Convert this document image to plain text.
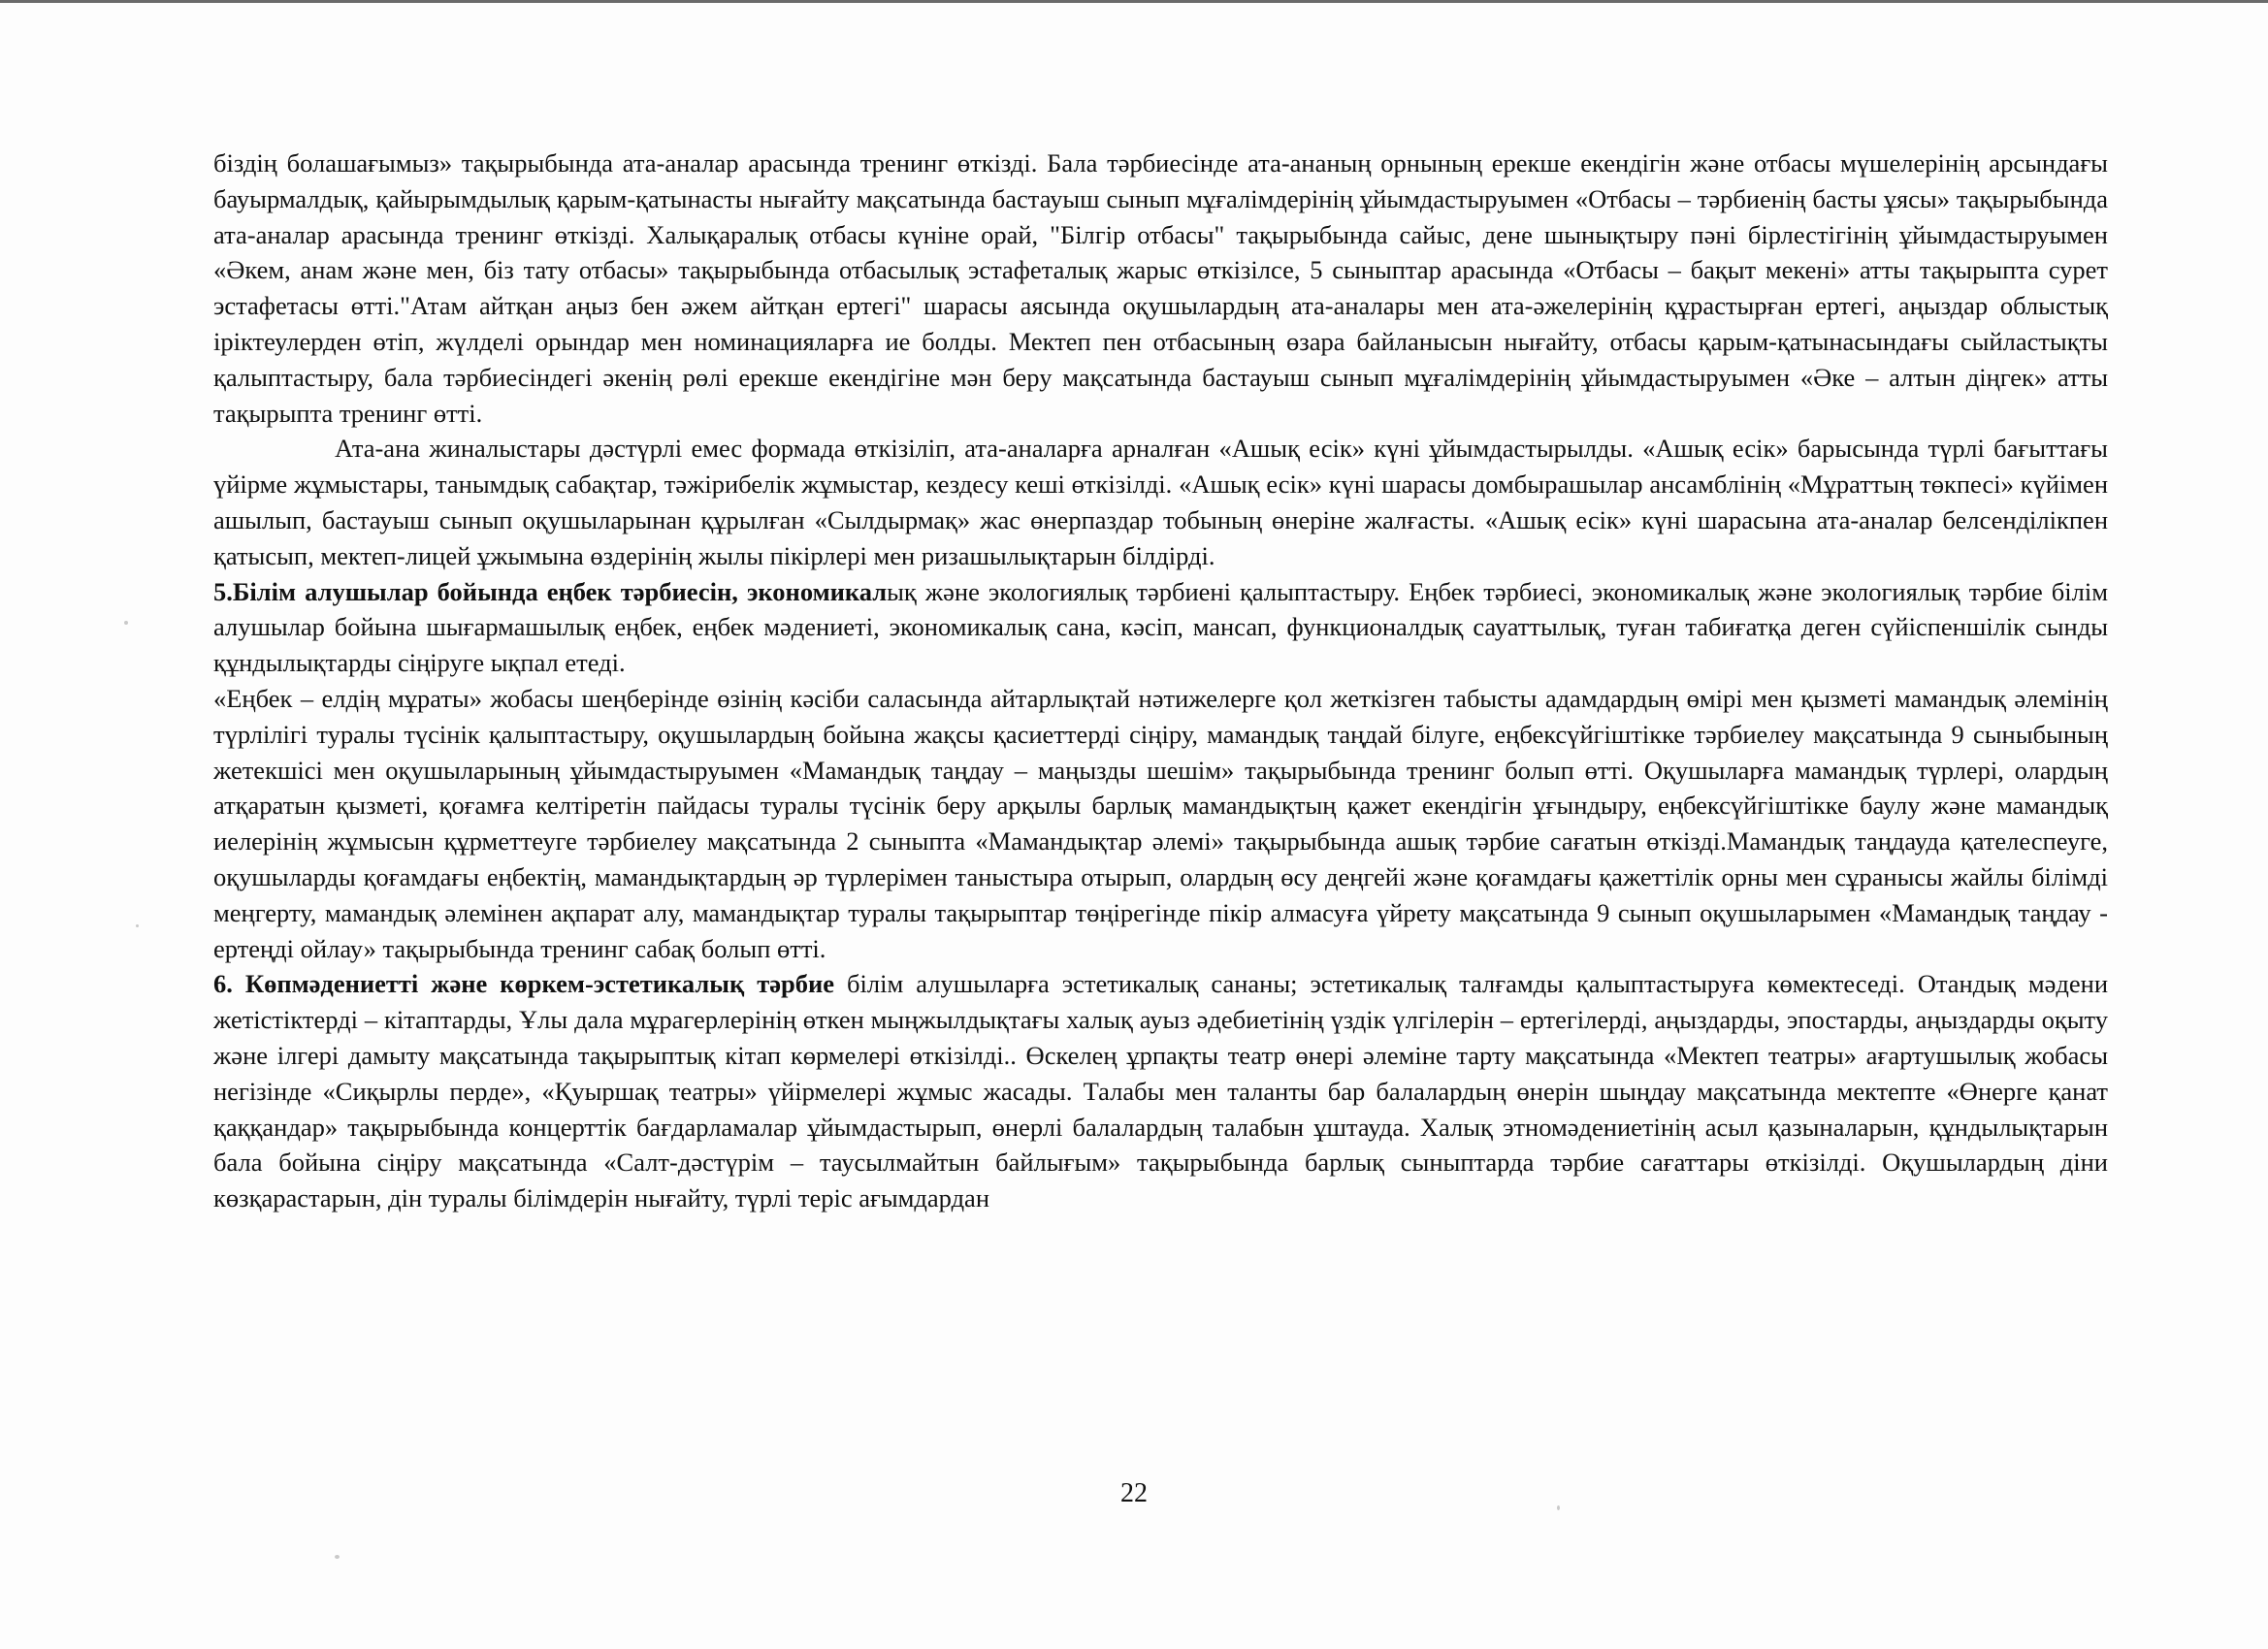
біздің болашағымыз» тақырыбында ата-аналар арасында тренинг өткізді. Бала тәрбиесінде ата-ананың орнының ерекше екендігін және отбасы мүшелерінің арсындағы бауырмалдық, қайырымдылық қарым-қатынасты нығайту мақсатында бастауыш сынып мұғалімдерінің ұйымдастыруымен «Отбасы – тәрбиенің басты ұясы» тақырыбында ата-аналар арасында тренинг өткізді. Халықаралық отбасы күніне орай, "Білгір отбасы" тақырыбында сайыс, дене шынықтыру пәні бірлестігінің ұйымдастыруымен «Әкем, анам және мен, біз тату отбасы» тақырыбында отбасылық эстафеталық жарыс өткізілсе, 5 сыныптар арасында «Отбасы – бақыт мекені» атты тақырыпта сурет эстафетасы өтті."Атам айтқан аңыз бен әжем айтқан ертегі" шарасы аясында оқушылардың ата-аналары мен ата-әжелерінің құрастырған ертегі, аңыздар облыстық іріктеулерден өтіп, жүлделі орындар мен номинацияларға ие болды. Мектеп пен отбасының өзара байланысын нығайту, отбасы қарым-қатынасындағы сыйластықты қалыптастыру, бала тәрбиесіндегі әкенің рөлі ерекше екендігіне мән беру мақсатында бастауыш сынып мұғалімдерінің ұйымдастыруымен «Әке – алтын діңгек» атты тақырыпта тренинг өтті.

Ата-ана жиналыстары дәстүрлі емес формада өткізіліп, ата-аналарға арналған «Ашық есік» күні ұйымдастырылды. «Ашық есік» барысында түрлі бағыттағы үйірме жұмыстары, танымдық сабақтар, тәжірибелік жұмыстар, кездесу кеші өткізілді. «Ашық есік» күні шарасы домбырашылар ансамблінің «Мұраттың төкпесі» күйімен ашылып, бастауыш сынып оқушыларынан құрылған «Сылдырмақ» жас өнерпаздар тобының өнеріне жалғасты. «Ашық есік» күні шарасына ата-аналар белсенділікпен қатысып, мектеп-лицей ұжымына өздерінің жылы пікірлері мен ризашылықтарын білдірді.

5.Білім алушылар бойында еңбек тәрбиесін, экономикалық және экологиялық тәрбиені қалыптастыру. Еңбек тәрбиесі, экономикалық және экологиялық тәрбие білім алушылар бойына шығармашылық еңбек, еңбек мәдениеті, экономикалық сана, кәсіп, мансап, функционалдық сауаттылық, туған табиғатқа деген сүйіспеншілік сынды құндылықтарды сіңіруге ықпал етеді.

«Еңбек – елдің мұраты» жобасы шеңберінде өзінің кәсіби саласында айтарлықтай нәтижелерге қол жеткізген табысты адамдардың өмірі мен қызметі мамандық әлемінің түрлілігі туралы түсінік қалыптастыру, оқушылардың бойына жақсы қасиеттерді сіңіру, мамандық таңдай білуге, еңбексүйгіштікке тәрбиелеу мақсатында 9 сыныбының жетекшісі мен оқушыларының ұйымдастыруымен «Мамандық таңдау – маңызды шешім» тақырыбында тренинг болып өтті. Оқушыларға мамандық түрлері, олардың атқаратын қызметі, қоғамға келтіретін пайдасы туралы түсінік беру арқылы барлық мамандықтың қажет екендігін ұғындыру, еңбексүйгіштікке баулу және мамандық иелерінің жұмысын құрметтеуге тәрбиелеу мақсатында 2 сыныпта «Мамандықтар әлемі» тақырыбында ашық тәрбие сағатын өткізді.Мамандық таңдауда қателеспеуге, оқушыларды қоғамдағы еңбектің, мамандықтардың әр түрлерімен таныстыра отырып, олардың өсу деңгейі және қоғамдағы қажеттілік орны мен сұранысы жайлы білімді меңгерту, мамандық әлемінен ақпарат алу, мамандықтар туралы тақырыптар төңірегінде пікір алмасуға үйрету мақсатында 9 сынып оқушыларымен «Мамандық таңдау - ертеңді ойлау» тақырыбында тренинг сабақ болып өтті.

6. Көпмәдениетті және көркем-эстетикалық тәрбие білім алушыларға эстетикалық сананы; эстетикалық талғамды қалыптастыруға көмектеседі. Отандық мәдени жетістіктерді – кітаптарды, Ұлы дала мұрагерлерінің өткен мыңжылдықтағы халық ауыз әдебиетінің үздік үлгілерін – ертегілерді, аңыздарды, эпостарды, аңыздарды оқыту және ілгері дамыту мақсатында тақырыптық кітап көрмелері өткізілді.. Өскелең ұрпақты театр өнері әлеміне тарту мақсатында «Мектеп театры» ағартушылық жобасы негізінде «Сиқырлы перде», «Қуыршақ театры» үйірмелері жұмыс жасады. Талабы мен таланты бар балалардың өнерін шыңдау мақсатында мектепте «Өнерге қанат қаққандар» тақырыбында концерттік бағдарламалар ұйымдастырып, өнерлі балалардың талабын ұштауда. Халық этномәдениетінің асыл қазыналарын, құндылықтарын бала бойына сіңіру мақсатында «Салт-дәстүрім – таусылмайтын байлығым» тақырыбында барлық сыныптарда тәрбие сағаттары өткізілді. Оқушылардың діни көзқарастарын, дін туралы білімдерін нығайту, түрлі теріс ағымдардан

22
